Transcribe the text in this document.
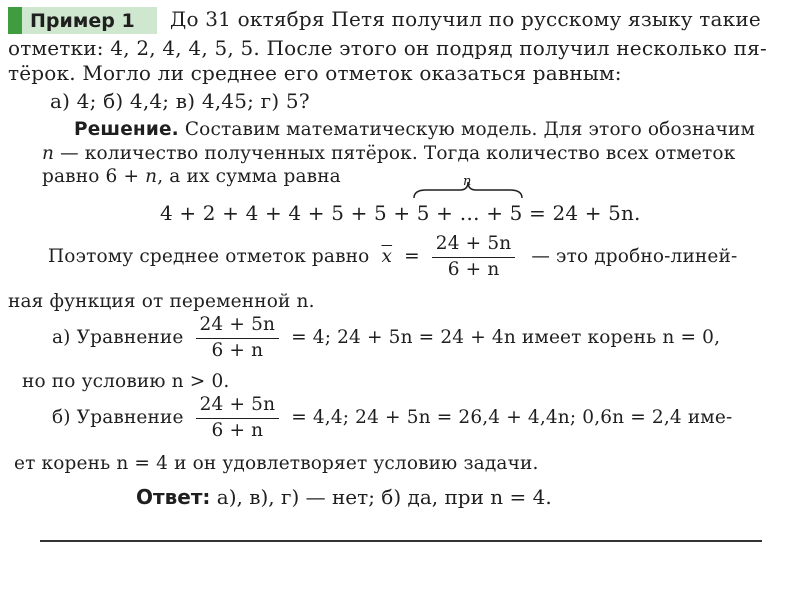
Пример 1 До 31 октября Петя получил по русскому языку такие
отметки: 4, 2, 4, 4, 5, 5. После этого он подряд получил несколько пя-
тёрок. Могло ли среднее его отметок оказаться равным:
а) 4; б) 4,4; в) 4,45; г) 5?
Решение. Составим математическую модель. Для этого обозначим
n — количество полученных пятёрок. Тогда количество всех отметок
равно 6 + n, а их сумма равна	n
4 + 2 + 4 + 4 + 5 + 5 + 5 + … + 5 = 24 + 5n.
Поэтому среднее отметок равно $\overline{x} = \frac{24 + 5n}{6 + n}$ — это дробно-линей-
ная функция от переменной n.
а) Уравнение $\frac{24 + 5n}{6 + n} = 4$; 24 + 5n = 24 + 4n имеет корень n = 0,
но по условию n > 0.
б) Уравнение $\frac{24 + 5n}{6 + n} = 4,4$; 24 + 5n = 26,4 + 4,4n; 0,6n = 2,4 име-
ет корень n = 4 и он удовлетворяет условию задачи.
Ответ: а), в), г) — нет; б) да, при n = 4.
